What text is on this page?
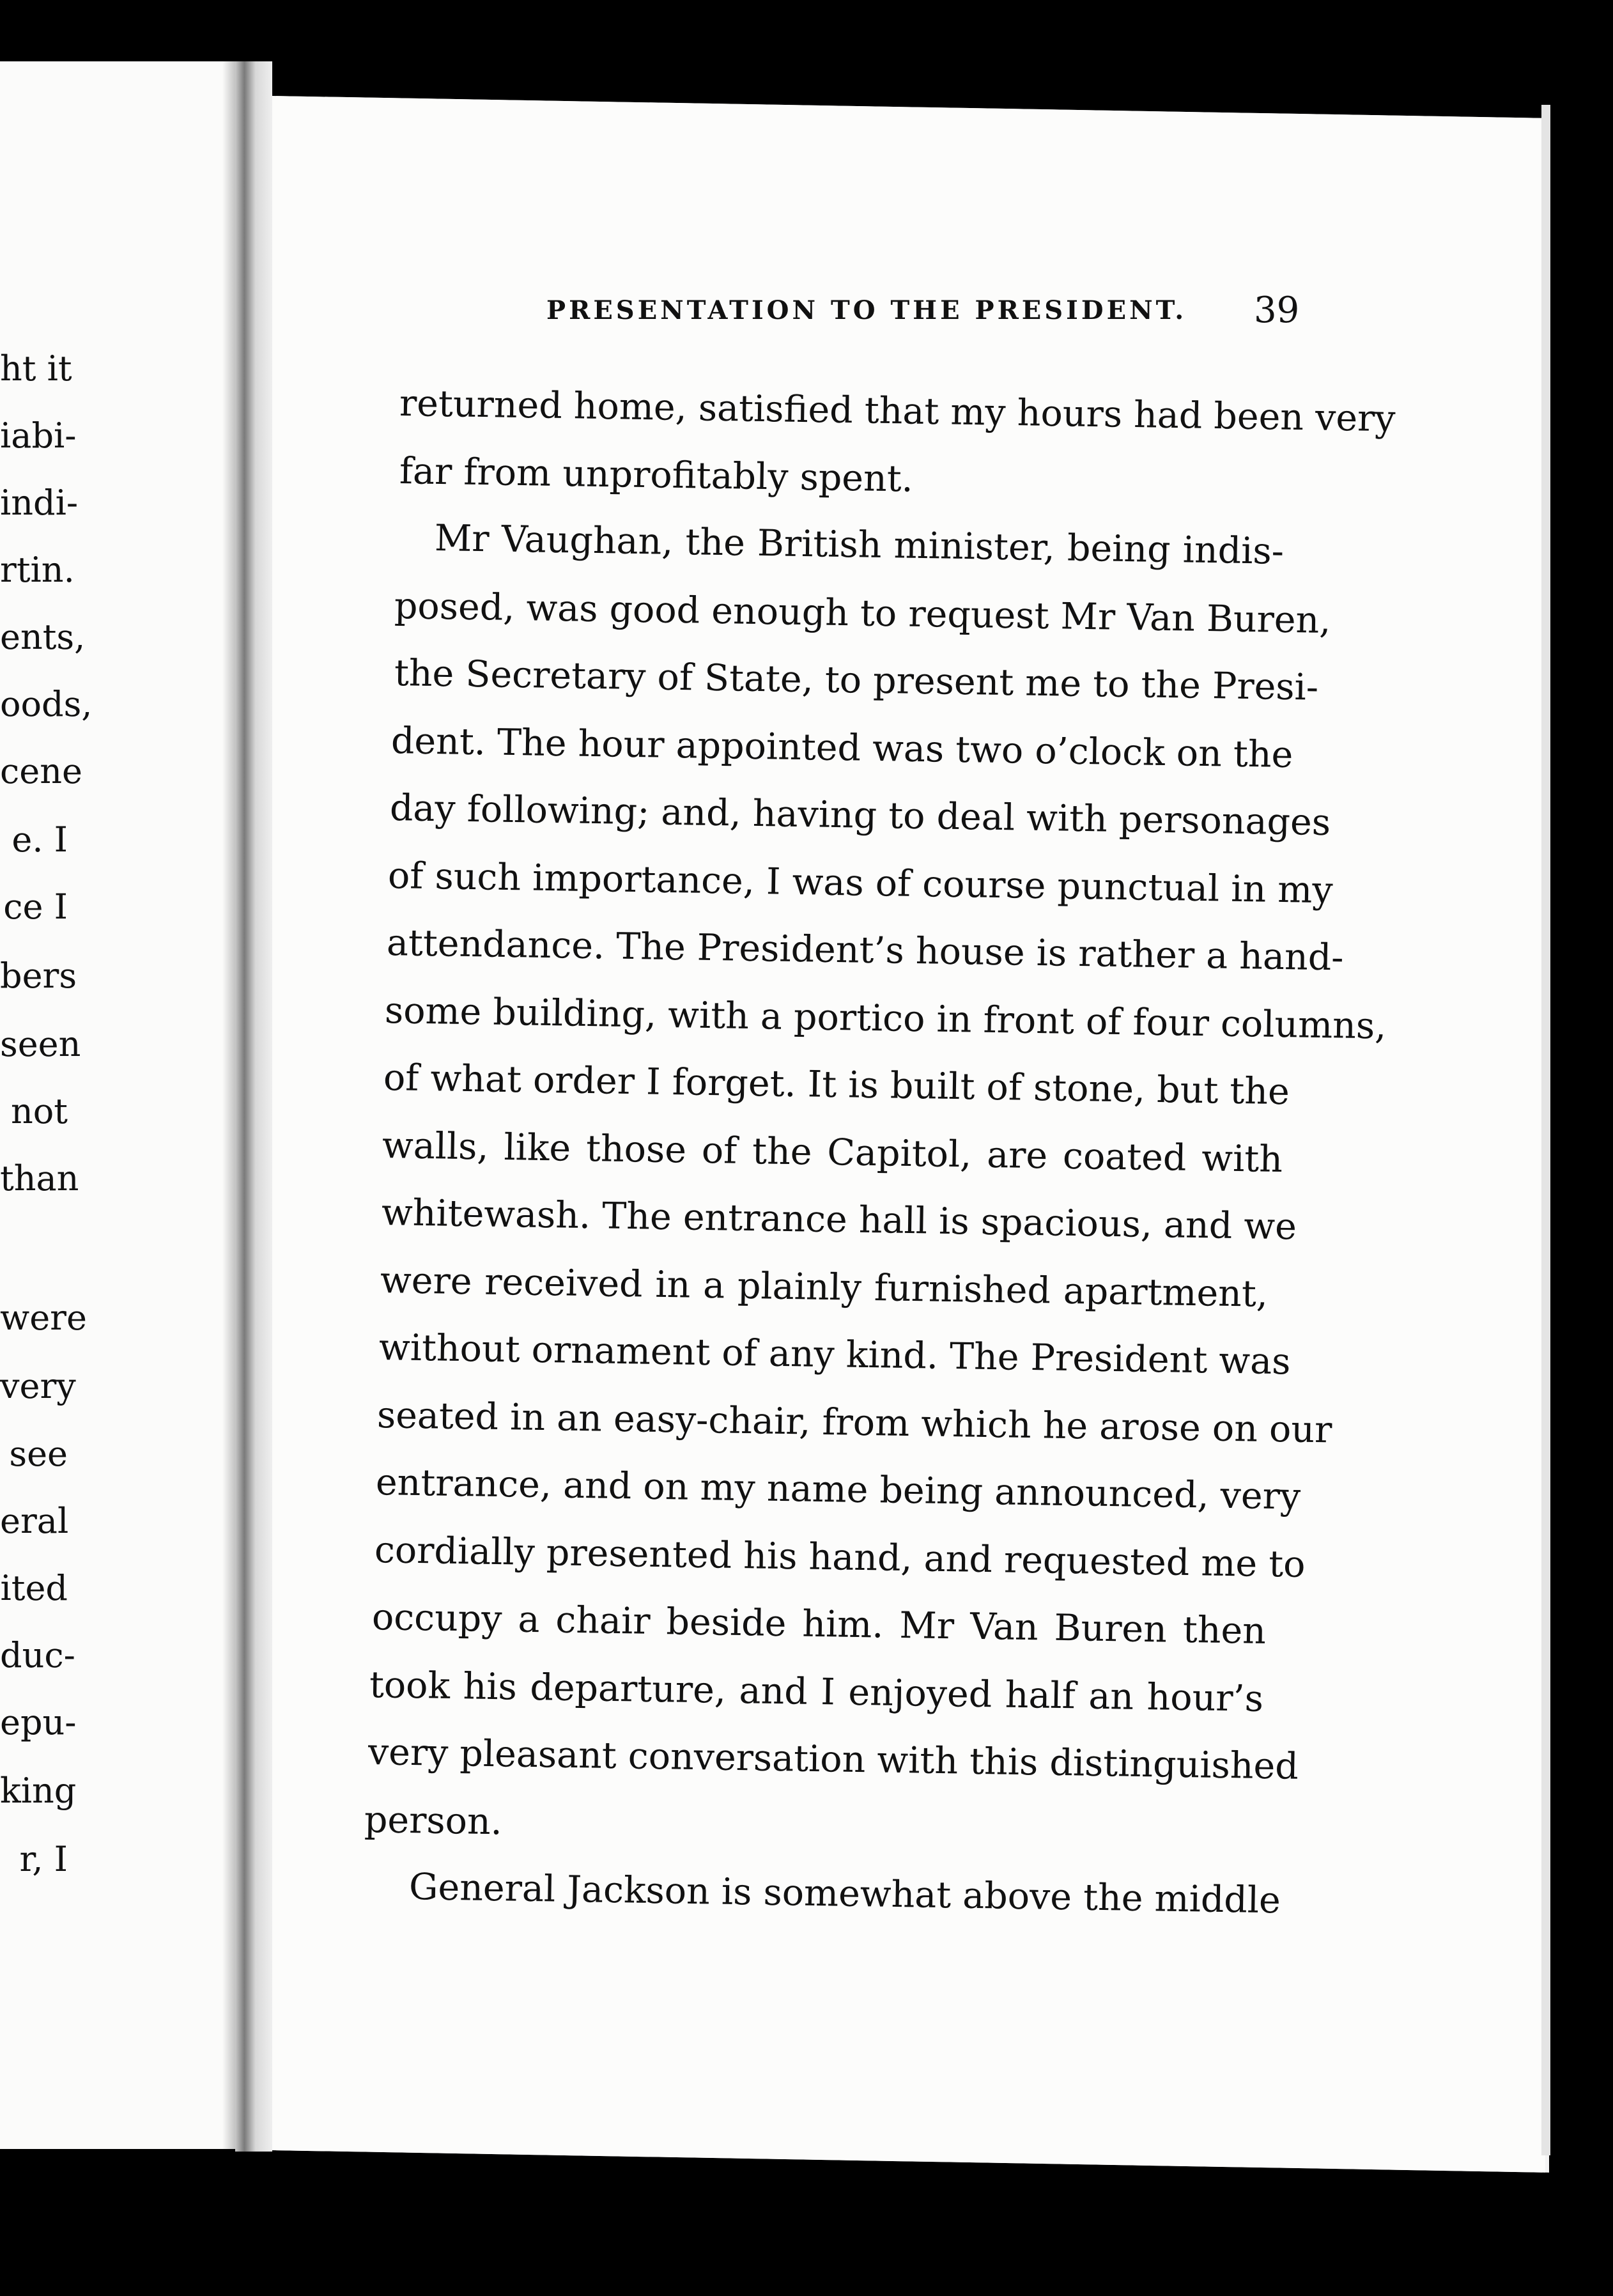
ht it
iabi-
indi-
rtin.
ents,
oods,
cene
e. I
ce I
bers
seen
not
than
were
very
see
eral
ited
duc-
epu-
king
r, I
PRESENTATION TO THE PRESIDENT.	39
returned home, satisfied that my hours had been very
far from unprofitably spent.
Mr Vaughan, the British minister, being indis-
posed, was good enough to request Mr Van Buren,
the Secretary of State, to present me to the Presi-
dent. The hour appointed was two o’clock on the
day following; and, having to deal with personages
of such importance, I was of course punctual in my
attendance. The President’s house is rather a hand-
some building, with a portico in front of four columns,
of what order I forget. It is built of stone, but the
walls, like those of the Capitol, are coated with
whitewash. The entrance hall is spacious, and we
were received in a plainly furnished apartment,
without ornament of any kind. The President was
seated in an easy-chair, from which he arose on our
entrance, and on my name being announced, very
cordially presented his hand, and requested me to
occupy a chair beside him. Mr Van Buren then
took his departure, and I enjoyed half an hour’s
very pleasant conversation with this distinguished
person.
General Jackson is somewhat above the middle
